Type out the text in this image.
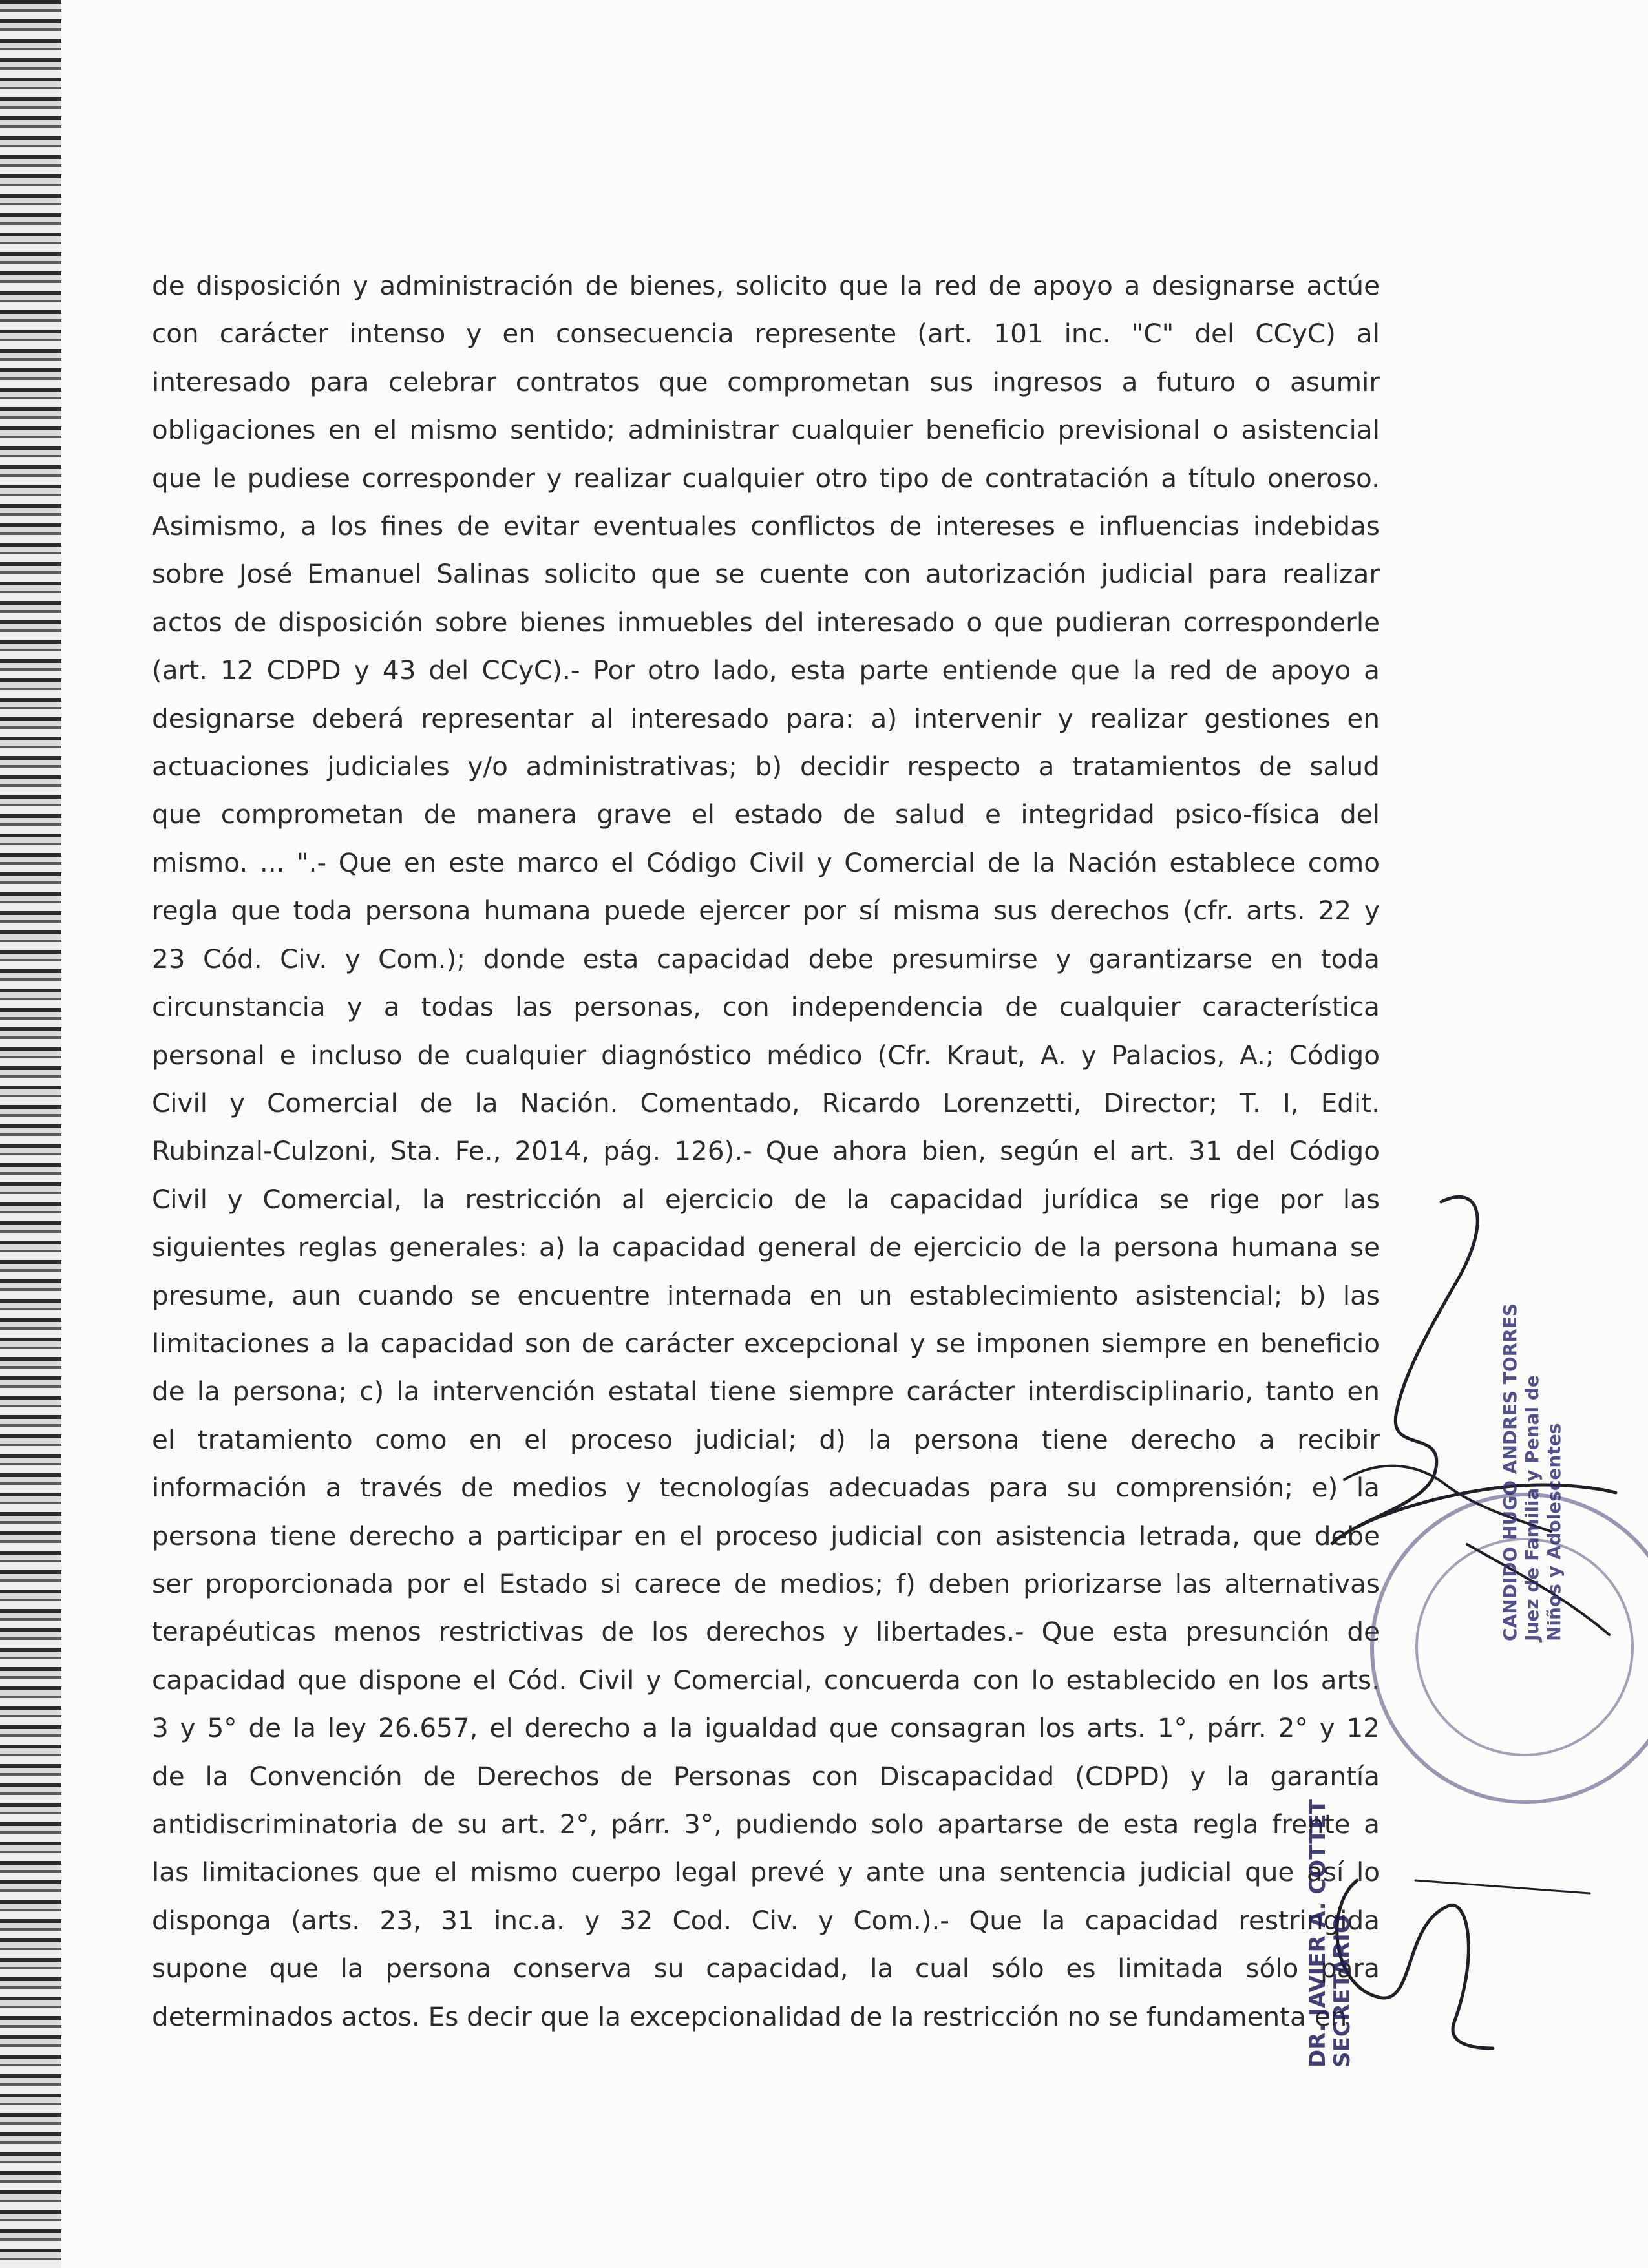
de disposición y administración de bienes, solicito que la red de apoyo a designarse actúe
con carácter intenso y en consecuencia represente (art. 101 inc. "C" del CCyC) al
interesado para celebrar contratos que comprometan sus ingresos a futuro o asumir
obligaciones en el mismo sentido; administrar cualquier beneficio previsional o asistencial
que le pudiese corresponder y realizar cualquier otro tipo de contratación a título oneroso.
Asimismo, a los fines de evitar eventuales conflictos de intereses e influencias indebidas
sobre José Emanuel Salinas solicito que se cuente con autorización judicial para realizar
actos de disposición sobre bienes inmuebles del interesado o que pudieran corresponderle
(art. 12 CDPD y 43 del CCyC).- Por otro lado, esta parte entiende que la red de apoyo a
designarse deberá representar al interesado para: a) intervenir y realizar gestiones en
actuaciones judiciales y/o administrativas; b) decidir respecto a tratamientos de salud
que comprometan de manera grave el estado de salud e integridad psico-física del
mismo. ... ".- Que en este marco el Código Civil y Comercial de la Nación establece como
regla que toda persona humana puede ejercer por sí misma sus derechos (cfr. arts. 22 y
23 Cód. Civ. y Com.); donde esta capacidad debe presumirse y garantizarse en toda
circunstancia y a todas las personas, con independencia de cualquier característica
personal e incluso de cualquier diagnóstico médico (Cfr. Kraut, A. y Palacios, A.; Código
Civil y Comercial de la Nación. Comentado, Ricardo Lorenzetti, Director; T. I, Edit.
Rubinzal-Culzoni, Sta. Fe., 2014, pág. 126).- Que ahora bien, según el art. 31 del Código
Civil y Comercial, la restricción al ejercicio de la capacidad jurídica se rige por las
siguientes reglas generales: a) la capacidad general de ejercicio de la persona humana se
presume, aun cuando se encuentre internada en un establecimiento asistencial; b) las
limitaciones a la capacidad son de carácter excepcional y se imponen siempre en beneficio
de la persona; c) la intervención estatal tiene siempre carácter interdisciplinario, tanto en
el tratamiento como en el proceso judicial; d) la persona tiene derecho a recibir
información a través de medios y tecnologías adecuadas para su comprensión; e) la
persona tiene derecho a participar en el proceso judicial con asistencia letrada, que debe
ser proporcionada por el Estado si carece de medios; f) deben priorizarse las alternativas
terapéuticas menos restrictivas de los derechos y libertades.- Que esta presunción de
capacidad que dispone el Cód. Civil y Comercial, concuerda con lo establecido en los arts.
3 y 5° de la ley 26.657, el derecho a la igualdad que consagran los arts. 1°, párr. 2° y 12
de la Convención de Derechos de Personas con Discapacidad (CDPD) y la garantía
antidiscriminatoria de su art. 2°, párr. 3°, pudiendo solo apartarse de esta regla frente a
las limitaciones que el mismo cuerpo legal prevé y ante una sentencia judicial que así lo
disponga (arts. 23, 31 inc.a. y 32 Cod. Civ. y Com.).- Que la capacidad restringida
supone que la persona conserva su capacidad, la cual sólo es limitada sólo para
determinados actos. Es decir que la excepcionalidad de la restricción no se fundamenta en
CANDIDO HUGO ANDRES TORRES Juez de Familia y Penal de Niños y Adolescentes
DR. JAVIER A. COTTET
SECRETARIO
